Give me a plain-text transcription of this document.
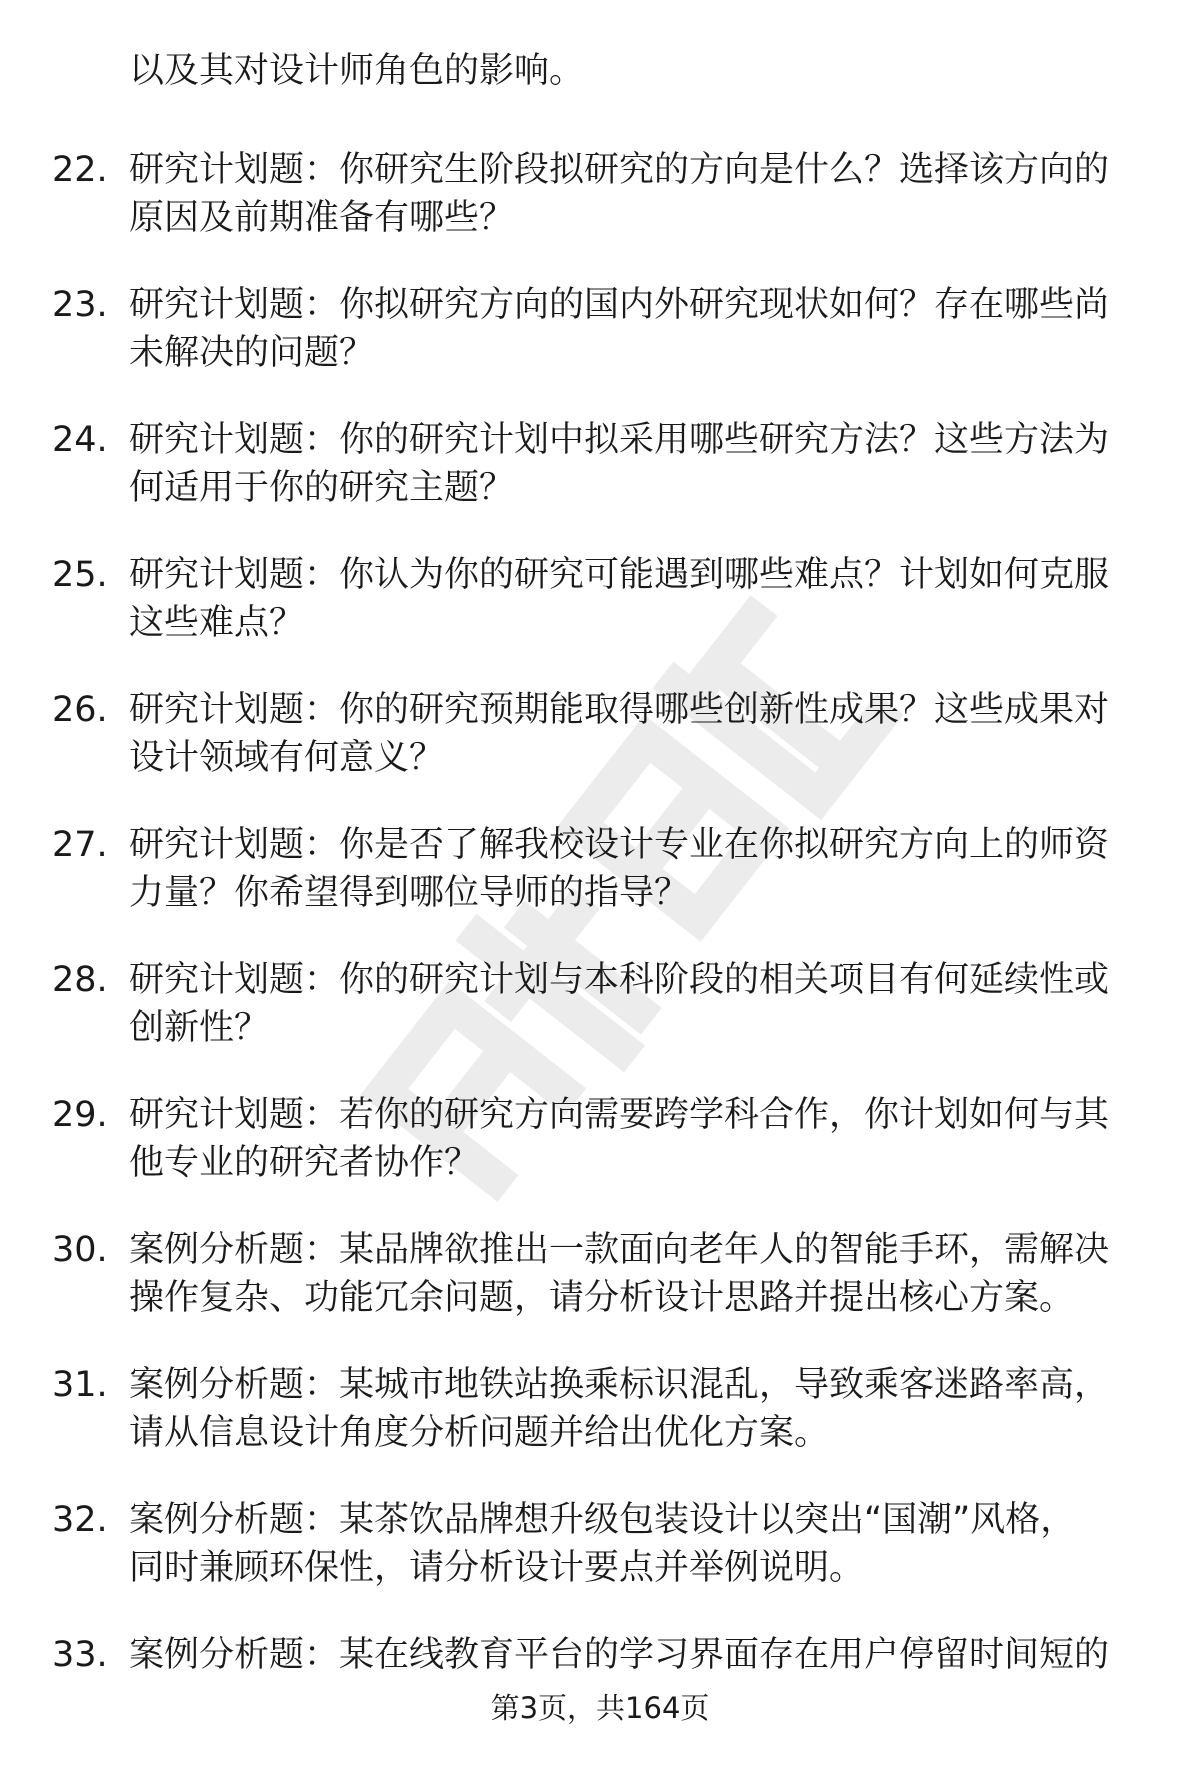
以及其对设计师角色的影响。
22. 研究计划题：你研究生阶段拟研究的方向是什么？选择该方向的
原因及前期准备有哪些？
23. 研究计划题：你拟研究方向的国内外研究现状如何？存在哪些尚
未解决的问题？
24. 研究计划题：你的研究计划中拟采用哪些研究方法？这些方法为
何适用于你的研究主题？
25. 研究计划题：你认为你的研究可能遇到哪些难点？计划如何克服
这些难点？
26. 研究计划题：你的研究预期能取得哪些创新性成果？这些成果对
设计领域有何意义？
27. 研究计划题：你是否了解我校设计专业在你拟研究方向上的师资
力量？你希望得到哪位导师的指导？
28. 研究计划题：你的研究计划与本科阶段的相关项目有何延续性或
创新性？
29. 研究计划题：若你的研究方向需要跨学科合作，你计划如何与其
他专业的研究者协作？
30. 案例分析题：某品牌欲推出一款面向老年人的智能手环，需解决
操作复杂、功能冗余问题，请分析设计思路并提出核心方案。
31. 案例分析题：某城市地铁站换乘标识混乱，导致乘客迷路率高，
请从信息设计角度分析问题并给出优化方案。
32. 案例分析题：某茶饮品牌想升级包装设计以突出“国潮”风格，
同时兼顾环保性，请分析设计要点并举例说明。
33. 案例分析题：某在线教育平台的学习界面存在用户停留时间短的
第3页，共164页
